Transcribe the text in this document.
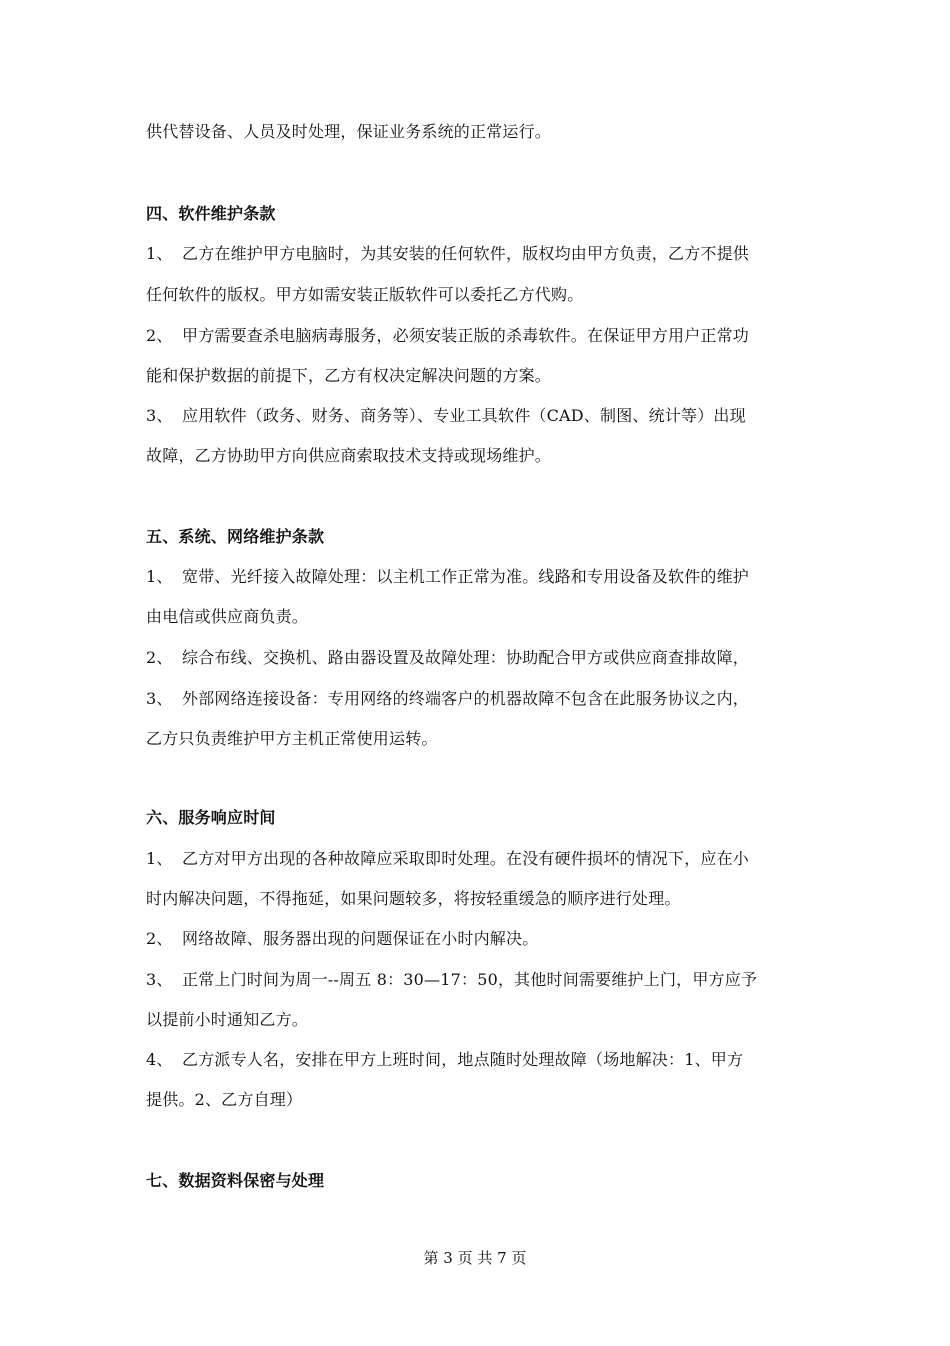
供代替设备、人员及时处理，保证业务系统的正常运行。
四、软件维护条款
1、 乙方在维护甲方电脑时，为其安装的任何软件，版权均由甲方负责，乙方不提供
任何软件的版权。甲方如需安装正版软件可以委托乙方代购。
2、 甲方需要查杀电脑病毒服务，必须安装正版的杀毒软件。在保证甲方用户正常功
能和保护数据的前提下，乙方有权决定解决问题的方案。
3、 应用软件（政务、财务、商务等）、专业工具软件（CAD、制图、统计等）出现
故障，乙方协助甲方向供应商索取技术支持或现场维护。
五、系统、网络维护条款
1、 宽带、光纤接入故障处理：以主机工作正常为准。线路和专用设备及软件的维护
由电信或供应商负责。
2、 综合布线、交换机、路由器设置及故障处理：协助配合甲方或供应商查排故障，
3、 外部网络连接设备：专用网络的终端客户的机器故障不包含在此服务协议之内，
乙方只负责维护甲方主机正常使用运转。
六、服务响应时间
1、 乙方对甲方出现的各种故障应采取即时处理。在没有硬件损坏的情况下，应在小
时内解决问题，不得拖延，如果问题较多，将按轻重缓急的顺序进行处理。
2、 网络故障、服务器出现的问题保证在小时内解决。
3、 正常上门时间为周一--周五 8：30—17：50，其他时间需要维护上门，甲方应予
以提前小时通知乙方。
4、 乙方派专人名，安排在甲方上班时间，地点随时处理故障（场地解决：1、甲方
提供。2、乙方自理）
七、数据资料保密与处理
第 3 页 共 7 页
